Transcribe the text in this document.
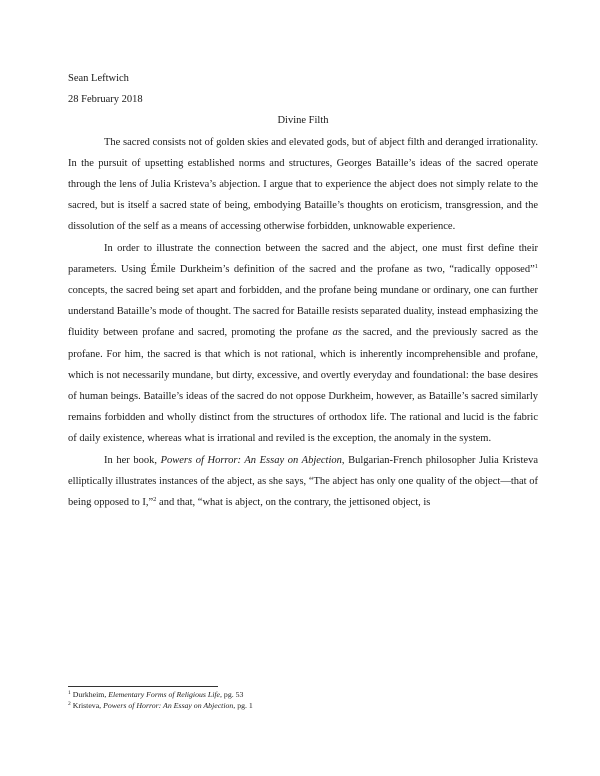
Sean Leftwich

28 February 2018

Divine Filth

The sacred consists not of golden skies and elevated gods, but of abject filth and deranged irrationality. In the pursuit of upsetting established norms and structures, Georges Bataille’s ideas of the sacred operate through the lens of Julia Kristeva’s abjection. I argue that to experience the abject does not simply relate to the sacred, but is itself a sacred state of being, embodying Bataille’s thoughts on eroticism, transgression, and the dissolution of the self as a means of accessing otherwise forbidden, unknowable experience.

In order to illustrate the connection between the sacred and the abject, one must first define their parameters. Using Émile Durkheim’s definition of the sacred and the profane as two, “radically opposed”$^1$ concepts, the sacred being set apart and forbidden, and the profane being mundane or ordinary, one can further understand Bataille’s mode of thought. The sacred for Bataille resists separated duality, instead emphasizing the fluidity between profane and sacred, promoting the profane as the sacred, and the previously sacred as the profane. For him, the sacred is that which is not rational, which is inherently incomprehensible and profane, which is not necessarily mundane, but dirty, excessive, and overtly everyday and foundational: the base desires of human beings. Bataille’s ideas of the sacred do not oppose Durkheim, however, as Bataille’s sacred similarly remains forbidden and wholly distinct from the structures of orthodox life. The rational and lucid is the fabric of daily existence, whereas what is irrational and reviled is the exception, the anomaly in the system.

In her book, Powers of Horror: An Essay on Abjection, Bulgarian-French philosopher Julia Kristeva elliptically illustrates instances of the abject, as she says, “The abject has only one quality of the object—that of being opposed to I,”$^2$ and that, “what is abject, on the contrary, the jettisoned object, is

$^1$ Durkheim, Elementary Forms of Religious Life, pg. 53

$^2$ Kristeva, Powers of Horror: An Essay on Abjection, pg. 1
